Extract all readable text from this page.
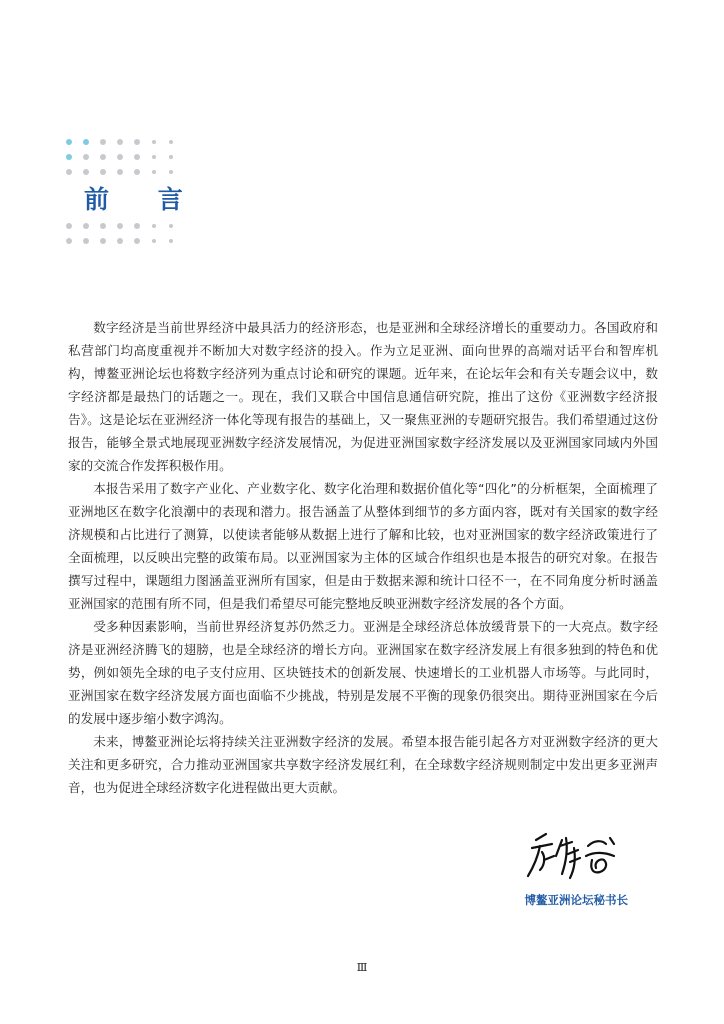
前 言

数字经济是当前世界经济中最具活力的经济形态，也是亚洲和全球经济增长的重要动力。各国政府和私营部门均高度重视并不断加大对数字经济的投入。作为立足亚洲、面向世界的高端对话平台和智库机构，博鳌亚洲论坛也将数字经济列为重点讨论和研究的课题。近年来，在论坛年会和有关专题会议中，数字经济都是最热门的话题之一。现在，我们又联合中国信息通信研究院，推出了这份《亚洲数字经济报告》。这是论坛在亚洲经济一体化等现有报告的基础上，又一聚焦亚洲的专题研究报告。我们希望通过这份报告，能够全景式地展现亚洲数字经济发展情况，为促进亚洲国家数字经济发展以及亚洲国家同域内外国家的交流合作发挥积极作用。

本报告采用了数字产业化、产业数字化、数字化治理和数据价值化等“四化”的分析框架，全面梳理了亚洲地区在数字化浪潮中的表现和潜力。报告涵盖了从整体到细节的多方面内容，既对有关国家的数字经济规模和占比进行了测算，以使读者能够从数据上进行了解和比较，也对亚洲国家的数字经济政策进行了全面梳理，以反映出完整的政策布局。以亚洲国家为主体的区域合作组织也是本报告的研究对象。在报告撰写过程中，课题组力图涵盖亚洲所有国家，但是由于数据来源和统计口径不一，在不同角度分析时涵盖亚洲国家的范围有所不同，但是我们希望尽可能完整地反映亚洲数字经济发展的各个方面。

受多种因素影响，当前世界经济复苏仍然乏力。亚洲是全球经济总体放缓背景下的一大亮点。数字经济是亚洲经济腾飞的翅膀，也是全球经济的增长方向。亚洲国家在数字经济发展上有很多独到的特色和优势，例如领先全球的电子支付应用、区块链技术的创新发展、快速增长的工业机器人市场等。与此同时，亚洲国家在数字经济发展方面也面临不少挑战，特别是发展不平衡的现象仍很突出。期待亚洲国家在今后的发展中逐步缩小数字鸿沟。

未来，博鳌亚洲论坛将持续关注亚洲数字经济的发展。希望本报告能引起各方对亚洲数字经济的更大关注和更多研究，合力推动亚洲国家共享数字经济发展红利，在全球数字经济规则制定中发出更多亚洲声音，也为促进全球经济数字化进程做出更大贡献。

博鳌亚洲论坛秘书长
Ⅲ
